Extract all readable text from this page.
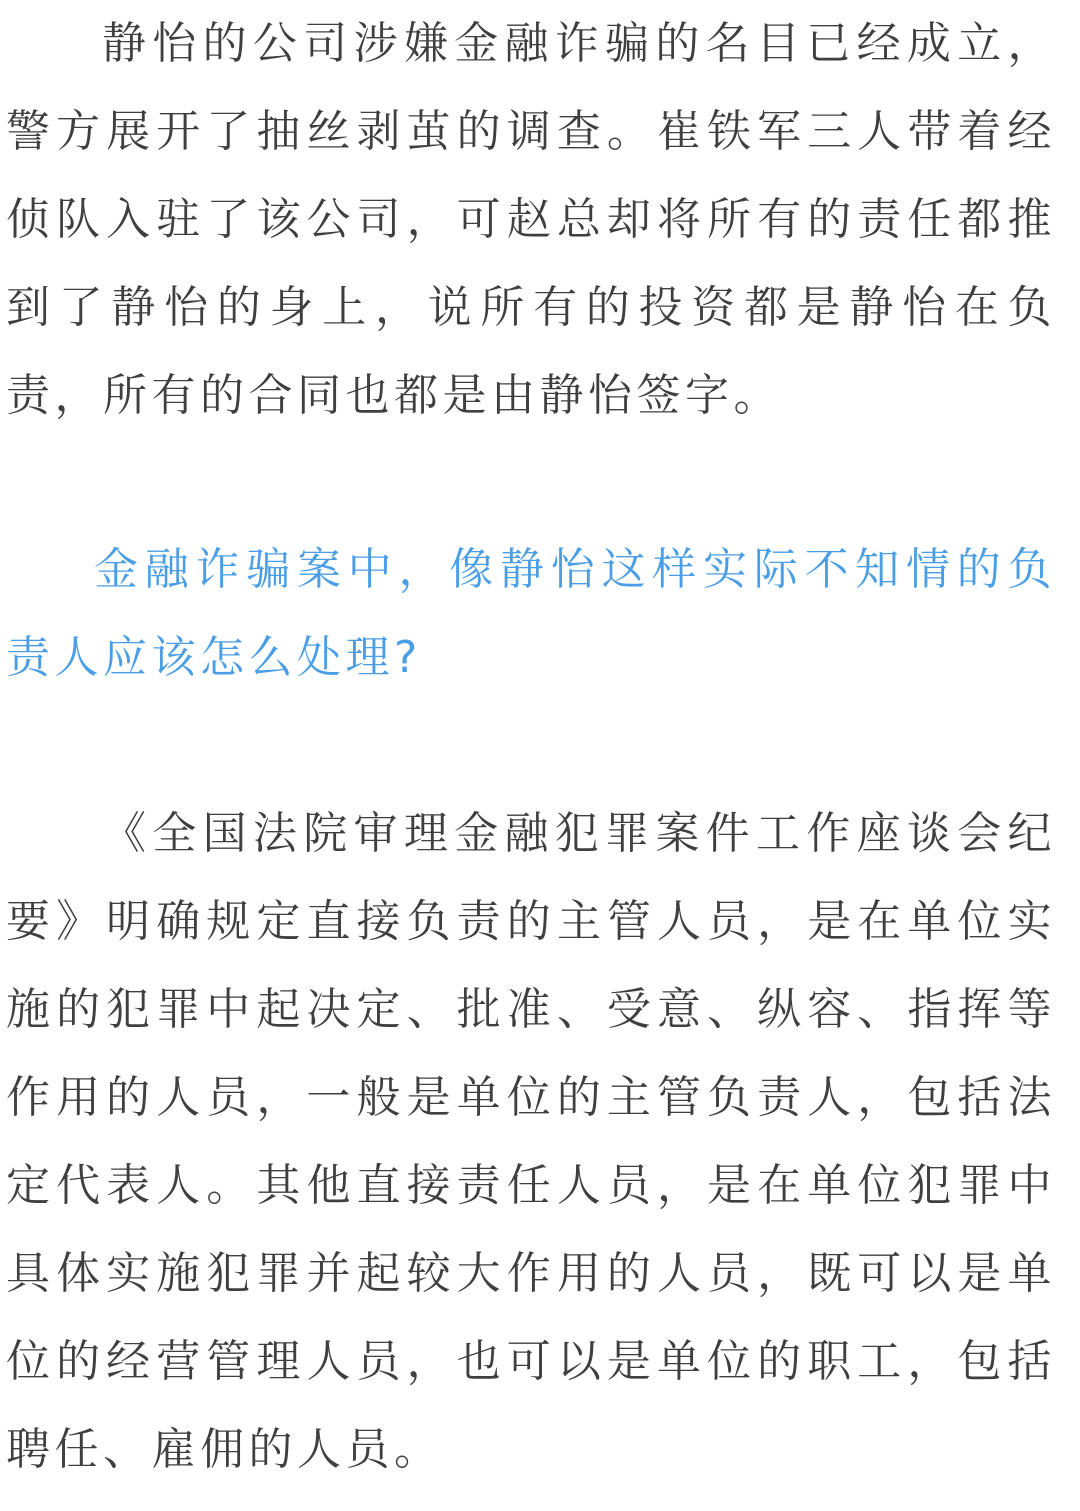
静怡的公司涉嫌金融诈骗的名目已经成立，警方展开了抽丝剥茧的调查。崔铁军三人带着经侦队入驻了该公司，可赵总却将所有的责任都推到了静怡的身上，说所有的投资都是静怡在负责，所有的合同也都是由静怡签字。

金融诈骗案中，像静怡这样实际不知情的负责人应该怎么处理?

《全国法院审理金融犯罪案件工作座谈会纪要》明确规定直接负责的主管人员，是在单位实施的犯罪中起决定、批准、受意、纵容、指挥等作用的人员，一般是单位的主管负责人，包括法定代表人。其他直接责任人员，是在单位犯罪中具体实施犯罪并起较大作用的人员，既可以是单位的经营管理人员，也可以是单位的职工，包括聘任、雇佣的人员。
